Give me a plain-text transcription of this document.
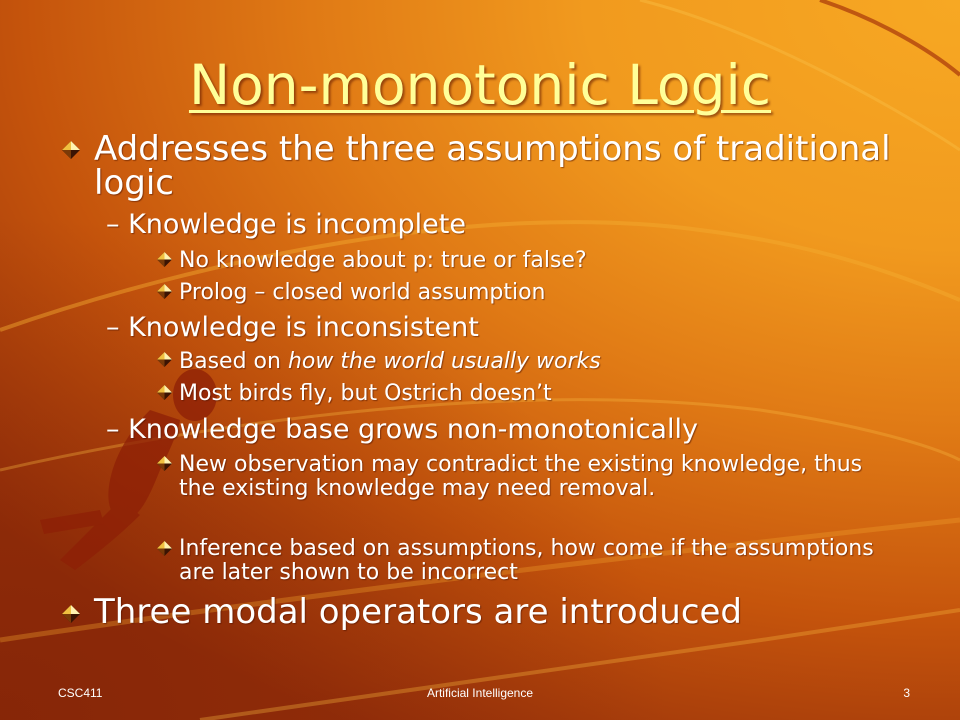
Non-monotonic Logic
Addresses the three assumptions of traditional logic
– Knowledge is incomplete
No knowledge about p: true or false?
Prolog – closed world assumption
– Knowledge is inconsistent
Based on how the world usually works
Most birds fly, but Ostrich doesn’t
– Knowledge base grows non-monotonically
New observation may contradict the existing knowledge, thus the existing knowledge may need removal.
Inference based on assumptions, how come if the assumptions are later shown to be incorrect
Three modal operators are introduced
CSC411	Artificial Intelligence	3
